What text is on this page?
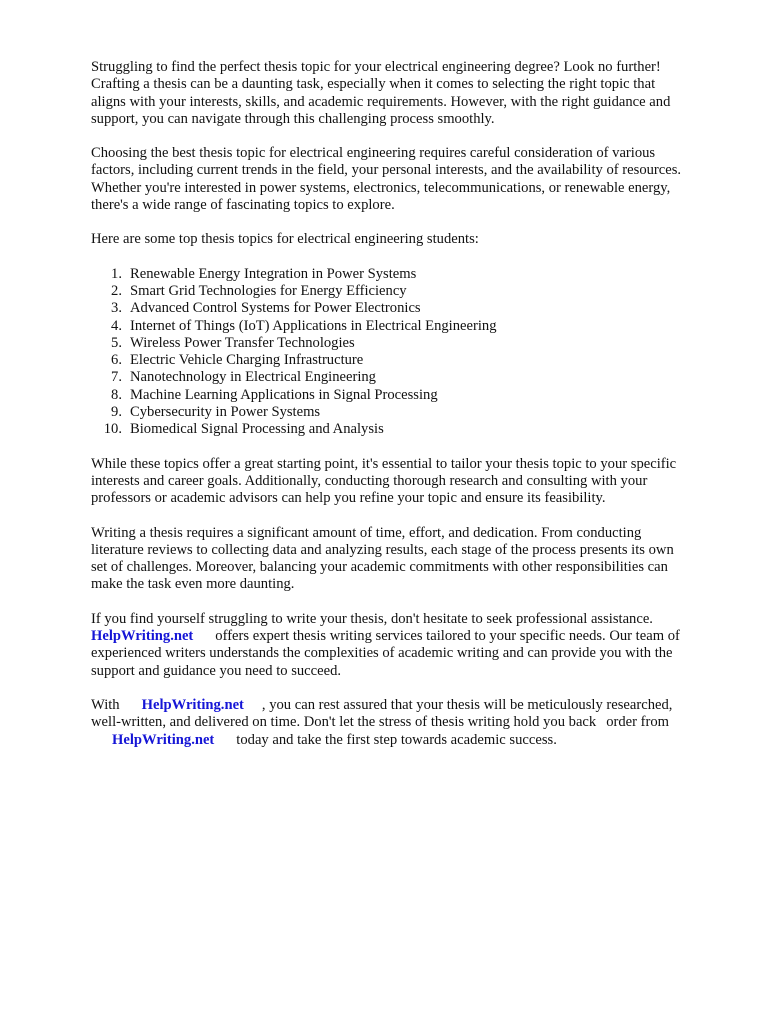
Struggling to find the perfect thesis topic for your electrical engineering degree? Look no further!
Crafting a thesis can be a daunting task, especially when it comes to selecting the right topic that
aligns with your interests, skills, and academic requirements. However, with the right guidance and
support, you can navigate through this challenging process smoothly.

Choosing the best thesis topic for electrical engineering requires careful consideration of various
factors, including current trends in the field, your personal interests, and the availability of resources.
Whether you're interested in power systems, electronics, telecommunications, or renewable energy,
there's a wide range of fascinating topics to explore.

Here are some top thesis topics for electrical engineering students:

1. Renewable Energy Integration in Power Systems
2. Smart Grid Technologies for Energy Efficiency
3. Advanced Control Systems for Power Electronics
4. Internet of Things (IoT) Applications in Electrical Engineering
5. Wireless Power Transfer Technologies
6. Electric Vehicle Charging Infrastructure
7. Nanotechnology in Electrical Engineering
8. Machine Learning Applications in Signal Processing
9. Cybersecurity in Power Systems
10. Biomedical Signal Processing and Analysis

While these topics offer a great starting point, it's essential to tailor your thesis topic to your specific
interests and career goals. Additionally, conducting thorough research and consulting with your
professors or academic advisors can help you refine your topic and ensure its feasibility.

Writing a thesis requires a significant amount of time, effort, and dedication. From conducting
literature reviews to collecting data and analyzing results, each stage of the process presents its own
set of challenges. Moreover, balancing your academic commitments with other responsibilities can
make the task even more daunting.

If you find yourself struggling to write your thesis, don't hesitate to seek professional assistance.
HelpWriting.net offers expert thesis writing services tailored to your specific needs. Our team of
experienced writers understands the complexities of academic writing and can provide you with the
support and guidance you need to succeed.
With HelpWriting.net , you can rest assured that your thesis will be meticulously researched,
well-written, and delivered on time. Don't let the stress of thesis writing hold you back order from
HelpWriting.net today and take the first step towards academic success.
